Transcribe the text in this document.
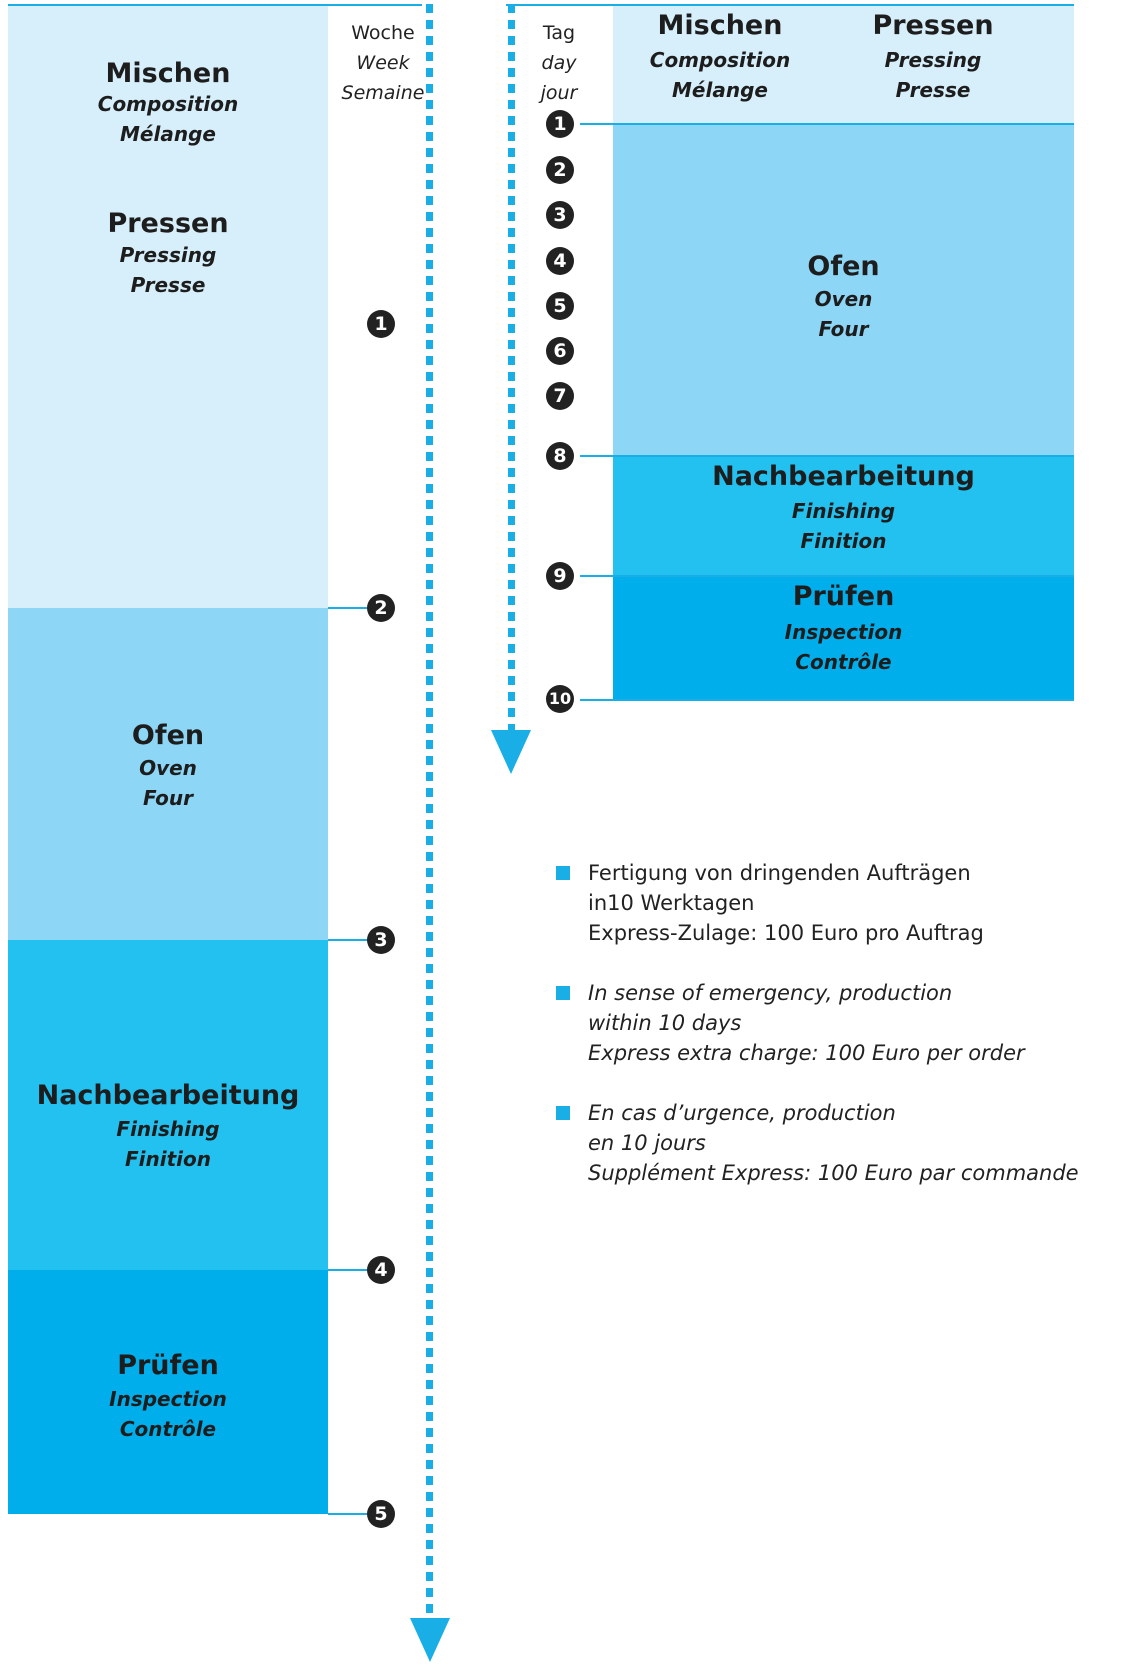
Mischen
Composition
Mélange
Pressen
Pressing
Presse
Ofen
Oven
Four
Nachbearbeitung
Finishing
Finition
Prüfen
Inspection
Contrôle
Woche
Week
Semaine
1
2
3
4
5
Mischen
Composition
Mélange
Pressen
Pressing
Presse
Ofen
Oven
Four
Nachbearbeitung
Finishing
Finition
Prüfen
Inspection
Contrôle
Tag
day
jour
1
2
3
4
5
6
7
8
9
10
Fertigung von dringenden Aufträgen
in10 Werktagen
Express-Zulage: 100 Euro pro Auftrag
In sense of emergency, production
within 10 days
Express extra charge: 100 Euro per order
En cas d’urgence, production
en 10 jours
Supplément Express: 100 Euro par commande
